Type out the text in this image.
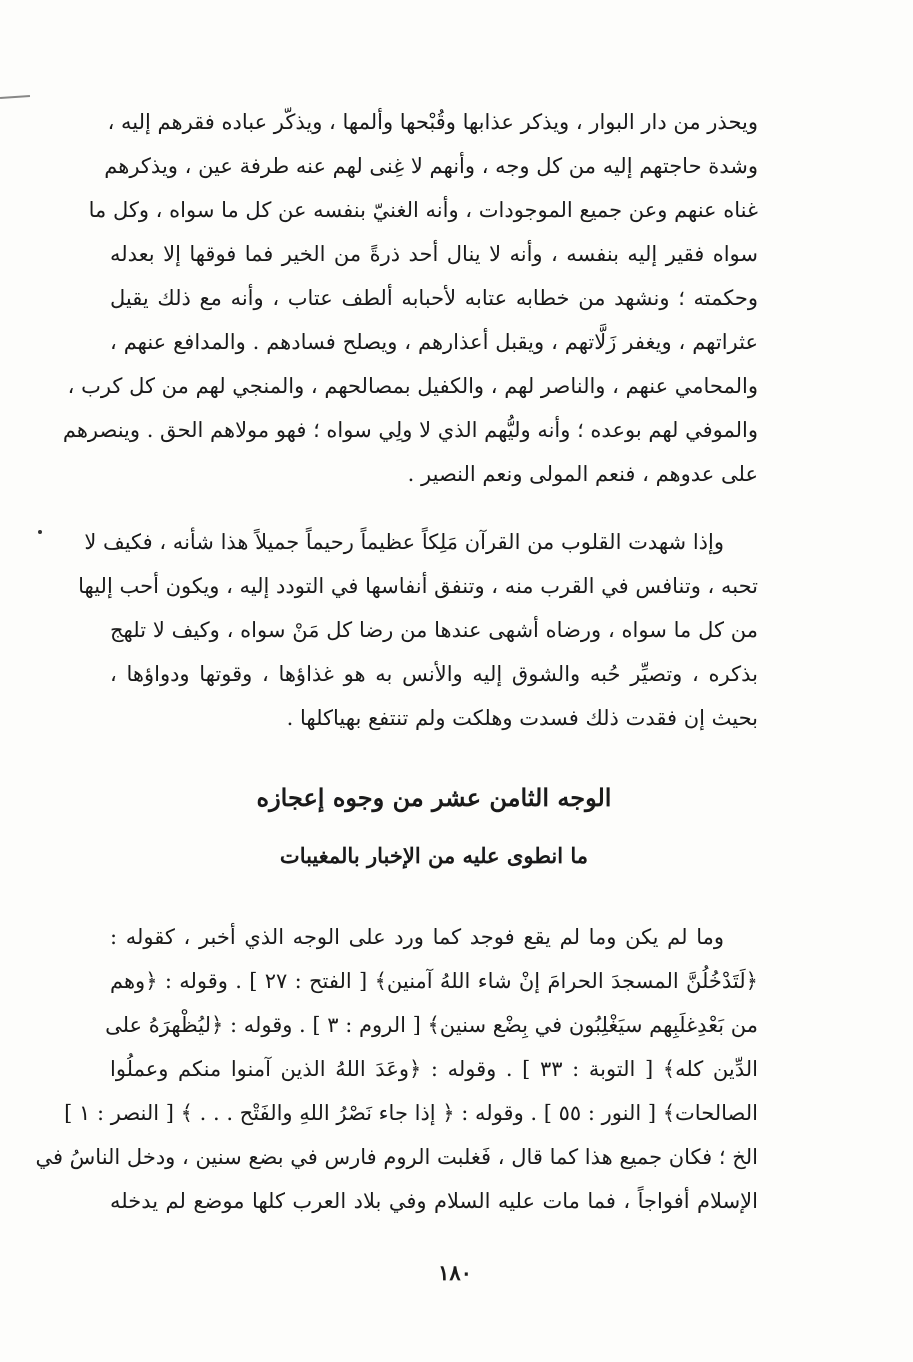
ويحذر من دار البوار ، ويذكر عذابها وقُبْحها وألمها ، ويذكّر عباده فقرهم إليه ،
وشدة حاجتهم إليه من كل وجه ، وأنهم لا غِنى لهم عنه طرفة عين ، ويذكرهم
غناه عنهم وعن جميع الموجودات ، وأنه الغنيّ بنفسه عن كل ما سواه ، وكل ما
سواه فقير إليه بنفسه ، وأنه لا ينال أحد ذرةً من الخير فما فوقها إلا بعدله
وحكمته ؛ ونشهد من خطابه عتابه لأحبابه ألطف عتاب ، وأنه مع ذلك يقيل
عثراتهم ، ويغفر زَلَّاتهم ، ويقبل أعذارهم ، ويصلح فسادهم . والمدافع عنهم ،
والمحامي عنهم ، والناصر لهم ، والكفيل بمصالحهم ، والمنجي لهم من كل كرب ،
والموفي لهم بوعده ؛ وأنه وليُّهم الذي لا ولِي سواه ؛ فهو مولاهم الحق . وينصرهم
على عدوهم ، فنعم المولى ونعم النصير .
وإذا شهدت القلوب من القرآن مَلِكاً عظيماً رحيماً جميلاً هذا شأنه ، فكيف لا
تحبه ، وتنافس في القرب منه ، وتنفق أنفاسها في التودد إليه ، ويكون أحب إليها
من كل ما سواه ، ورضاه أشهى عندها من رضا كل مَنْ سواه ، وكيف لا تلهج
بذكره ، وتصيِّر حُبه والشوق إليه والأنس به هو غذاؤها ، وقوتها ودواؤها ،
بحيث إن فقدت ذلك فسدت وهلكت ولم تنتفع بهياكلها .
الوجه الثامن عشر من وجوه إعجازه
ما انطوى عليه من الإخبار بالمغيبات
وما لم يكن وما لم يقع فوجد كما ورد على الوجه الذي أخبر ، كقوله :
﴿لَتَدْخُلُنَّ المسجدَ الحرامَ إنْ شاء اللهُ آمنين﴾ [ الفتح : ٢٧ ] . وقوله : ﴿وهم
من بَعْدِغلَبِهم سيَغْلِبُون في بِضْع سنين﴾ [ الروم : ٣ ] . وقوله : ﴿ليُظْهرَهُ على
الدِّين كله﴾ [ التوبة : ٣٣ ] . وقوله : ﴿وعَدَ اللهُ الذين آمنوا منكم وعملُوا
الصالحات﴾ [ النور : ٥٥ ] . وقوله : ﴿ إذا جاء نَصْرُ اللهِ والفَتْح . . . ﴾ [ النصر : ١ ]
الخ ؛ فكان جميع هذا كما قال ، فَغلبت الروم فارس في بضع سنين ، ودخل الناسُ في
الإسلام أفواجاً ، فما مات عليه السلام وفي بلاد العرب كلها موضع لم يدخله
١٨٠
